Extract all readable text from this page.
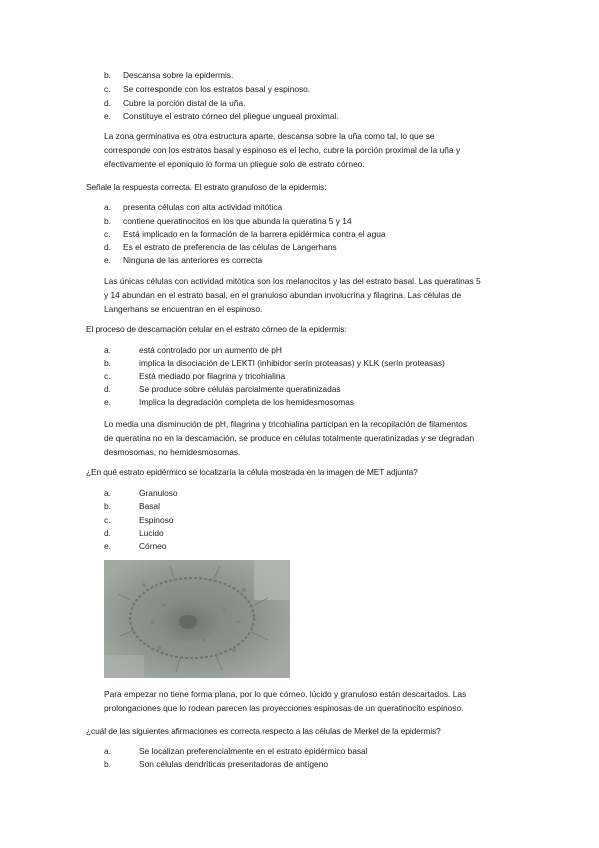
b. Descansa sobre la epidermis.
c. Se corresponde con los estratos basal y espinoso.
d. Cubre la porción distal de la uña.
e. Constituye el estrato córneo del pliegue ungueal proximal.
La zona germinativa es otra estructura aparte, descansa sobre la uña como tal, lo que se
corresponde con los estratos basal y espinoso es el lecho, cubre la porción proximal de la uña y
efectivamente el eponiquio lo forma un pliegue solo de estrato córneo.
Señale la respuesta correcta. El estrato granuloso de la epidermis:
a. presenta células con alta actividad mitótica
b. contiene queratinocitos en los que abunda la queratina 5 y 14
c. Está implicado en la formación de la barrera epidérmica contra el agua
d. Es el estrato de preferencia de las células de Langerhans
e. Ninguna de las anteriores es correcta
Las únicas células con actividad mitótica son los melanocitos y las del estrato basal. Las queratinas 5
y 14 abundan en el estrato basal, en el granuloso abundan involucrina y filagrina. Las células de
Langerhans se encuentran en el espinoso.
El proceso de descamación celular en el estrato córneo de la epidermis:
a.	está controlado por un aumento de pH
b.	implica la disociación de LEKTI (inhibidor serín proteasas) y KLK (serín proteasas)
c.	Está mediado por filagrina y tricohialina
d.	Se produce sobre células parcialmente queratinizadas
e.	Implica la degradación completa de los hemidesmosomas
Lo media una disminución de pH, filagrina y tricohialina participan en la recopilación de filamentos
de queratina no en la descamación, se produce en células totalmente queratinizadas y se degradan
desmosomas, no hemidesmosomas.
¿En qué estrato epidérmico se localizaría la célula mostrada en la imagen de MET adjunta?
a.	Granuloso
b.	Basal
c.	Espinoso
d.	Lucido
e.	Córneo
Para empezar no tiene forma plana, por lo que córneo, lúcido y granuloso están descartados. Las
prolongaciones que lo rodean parecen las proyecciones espinosas de un queratinocito espinoso.
¿cuál de las siguientes afirmaciones es correcta respecto a las células de Merkel de la epidermis?
a.	Se localizan preferencialmente en el estrato epidérmico basal
b.	Son células dendríticas presentadoras de antígeno
